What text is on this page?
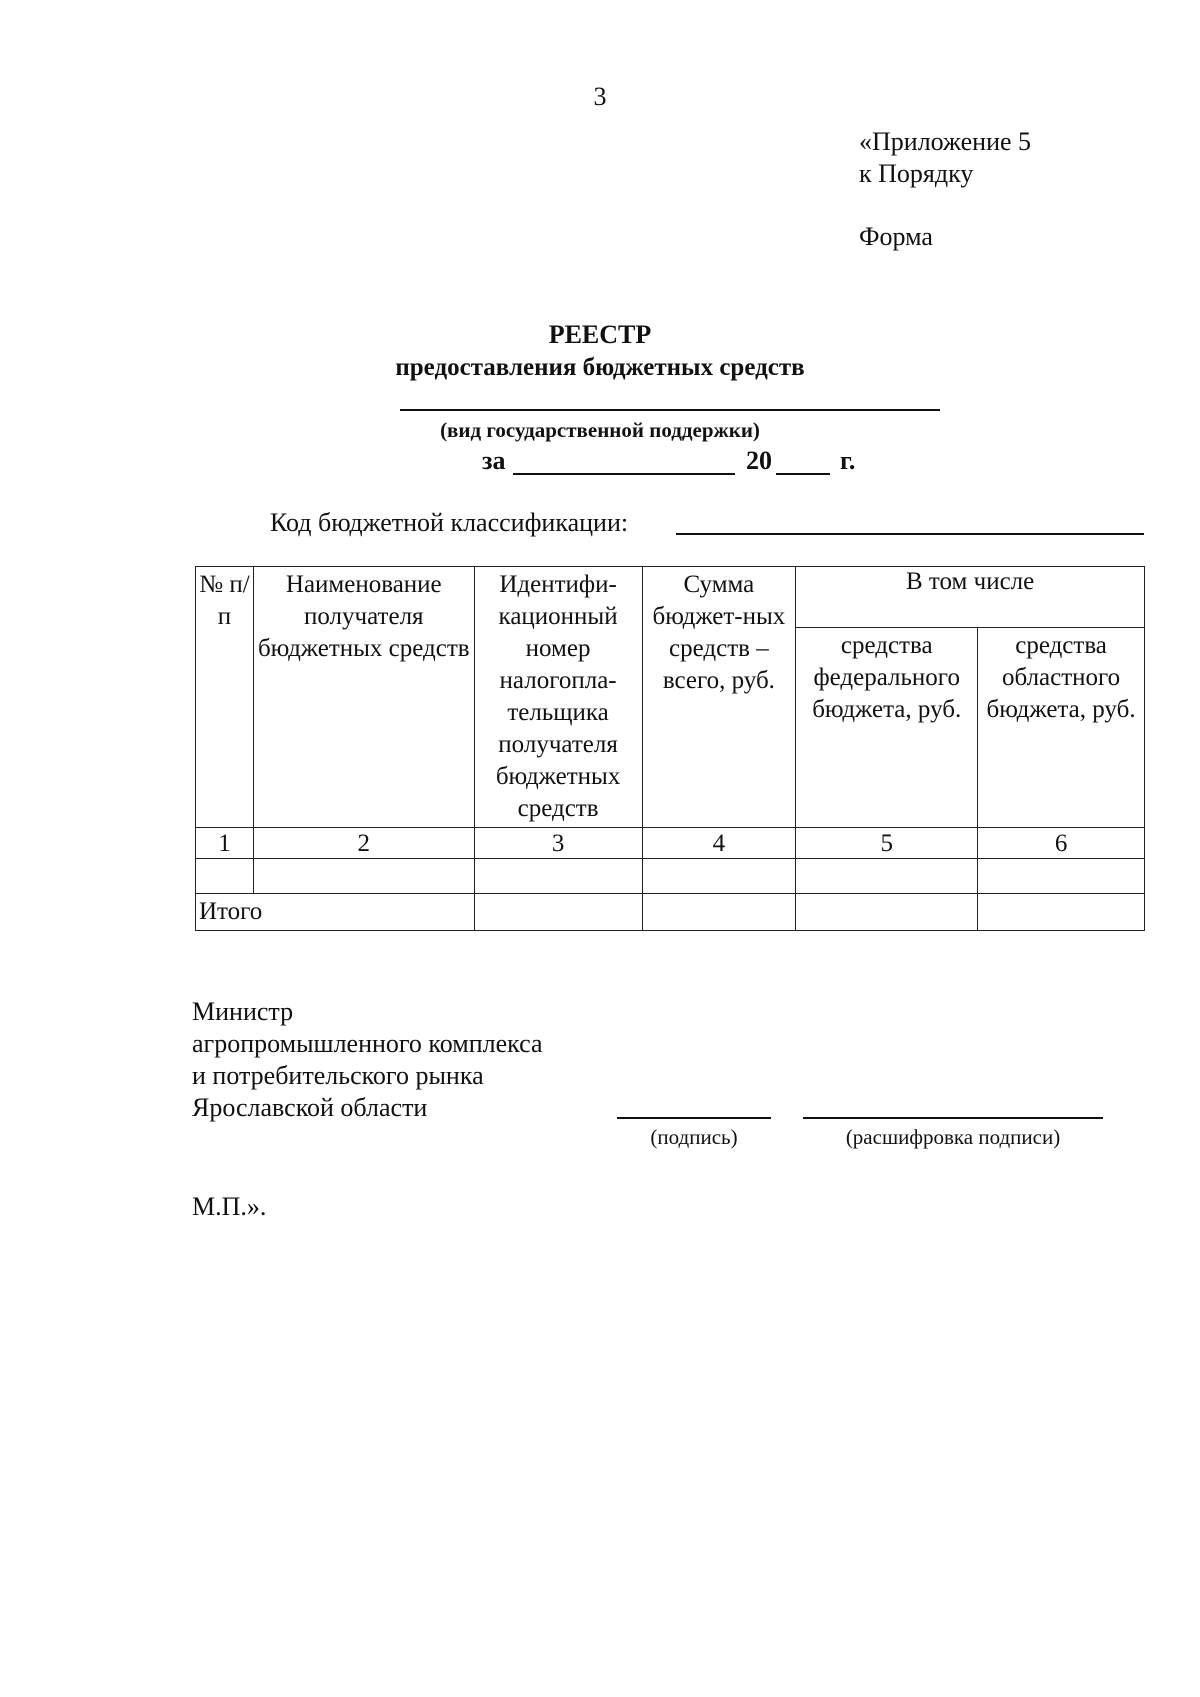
3
«Приложение 5
к Порядку
Форма
РЕЕСТР
предоставления бюджетных средств
(вид государственной поддержки)
за	20	г.
Код бюджетной классификации:
№ п/п	Наименование получателя бюджетных средств	Идентифи-кационный номер налогопла-тельщика получателя бюджетных средств	Сумма бюджет-ных средств – всего, руб.	В том числе	
				средства федерального бюджета, руб.	средства областного бюджета, руб.
1	2	3	4	5	6

Итого					
Министр
агропромышленного комплекса
и потребительского рынка
Ярославской области
(подпись)	(расшифровка подписи)
М.П.».
